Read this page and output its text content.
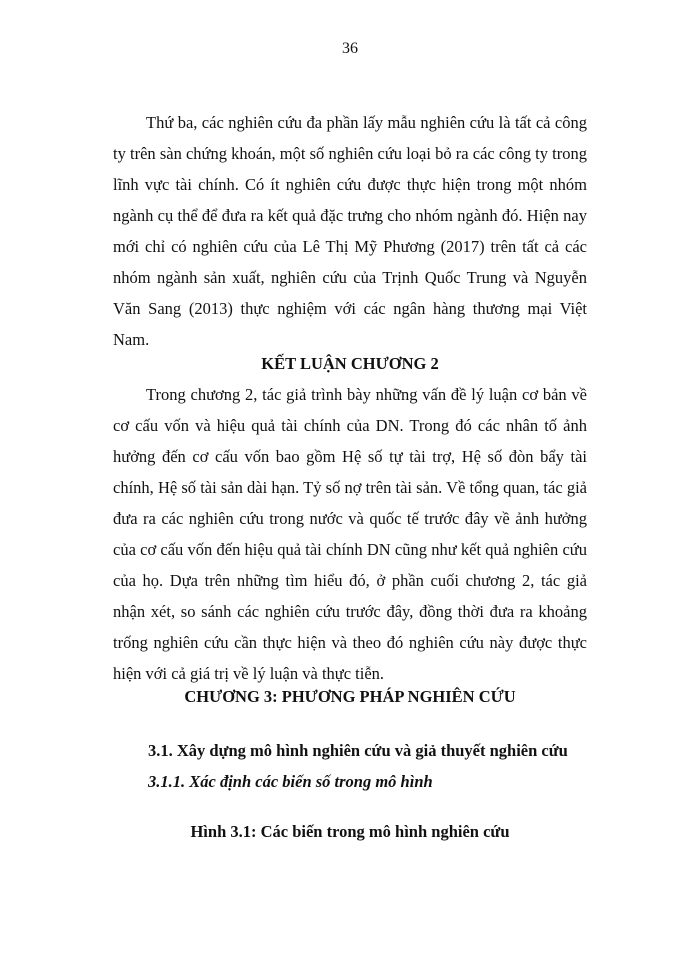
36

Thứ ba, các nghiên cứu đa phần lấy mẫu nghiên cứu là tất cả công ty trên sàn chứng khoán, một số nghiên cứu loại bỏ ra các công ty trong lĩnh vực tài chính. Có ít nghiên cứu được thực hiện trong một nhóm ngành cụ thể để đưa ra kết quả đặc trưng cho nhóm ngành đó. Hiện nay mới chỉ có nghiên cứu của Lê Thị Mỹ Phương (2017) trên tất cả các nhóm ngành sản xuất, nghiên cứu của Trịnh Quốc Trung và Nguyễn Văn Sang (2013) thực nghiệm với các ngân hàng thương mại Việt Nam.

KẾT LUẬN CHƯƠNG 2

Trong chương 2, tác giả trình bày những vấn đề lý luận cơ bản về cơ cấu vốn và hiệu quả tài chính của DN. Trong đó các nhân tố ảnh hưởng đến cơ cấu vốn bao gồm Hệ số tự tài trợ, Hệ số đòn bẩy tài chính, Hệ số tài sản dài hạn. Tỷ số nợ trên tài sản. Về tổng quan, tác giả đưa ra các nghiên cứu trong nước và quốc tế trước đây về ảnh hưởng của cơ cấu vốn đến hiệu quả tài chính DN cũng như kết quả nghiên cứu của họ. Dựa trên những tìm hiểu đó, ở phần cuối chương 2, tác giả nhận xét, so sánh các nghiên cứu trước đây, đồng thời đưa ra khoảng trống nghiên cứu cần thực hiện và theo đó nghiên cứu này được thực hiện với cả giá trị về lý luận và thực tiễn.

CHƯƠNG 3: PHƯƠNG PHÁP NGHIÊN CỨU
3.1. Xây dựng mô hình nghiên cứu và giả thuyết nghiên cứu
3.1.1. Xác định các biến số trong mô hình
Hình 3.1: Các biến trong mô hình nghiên cứu
